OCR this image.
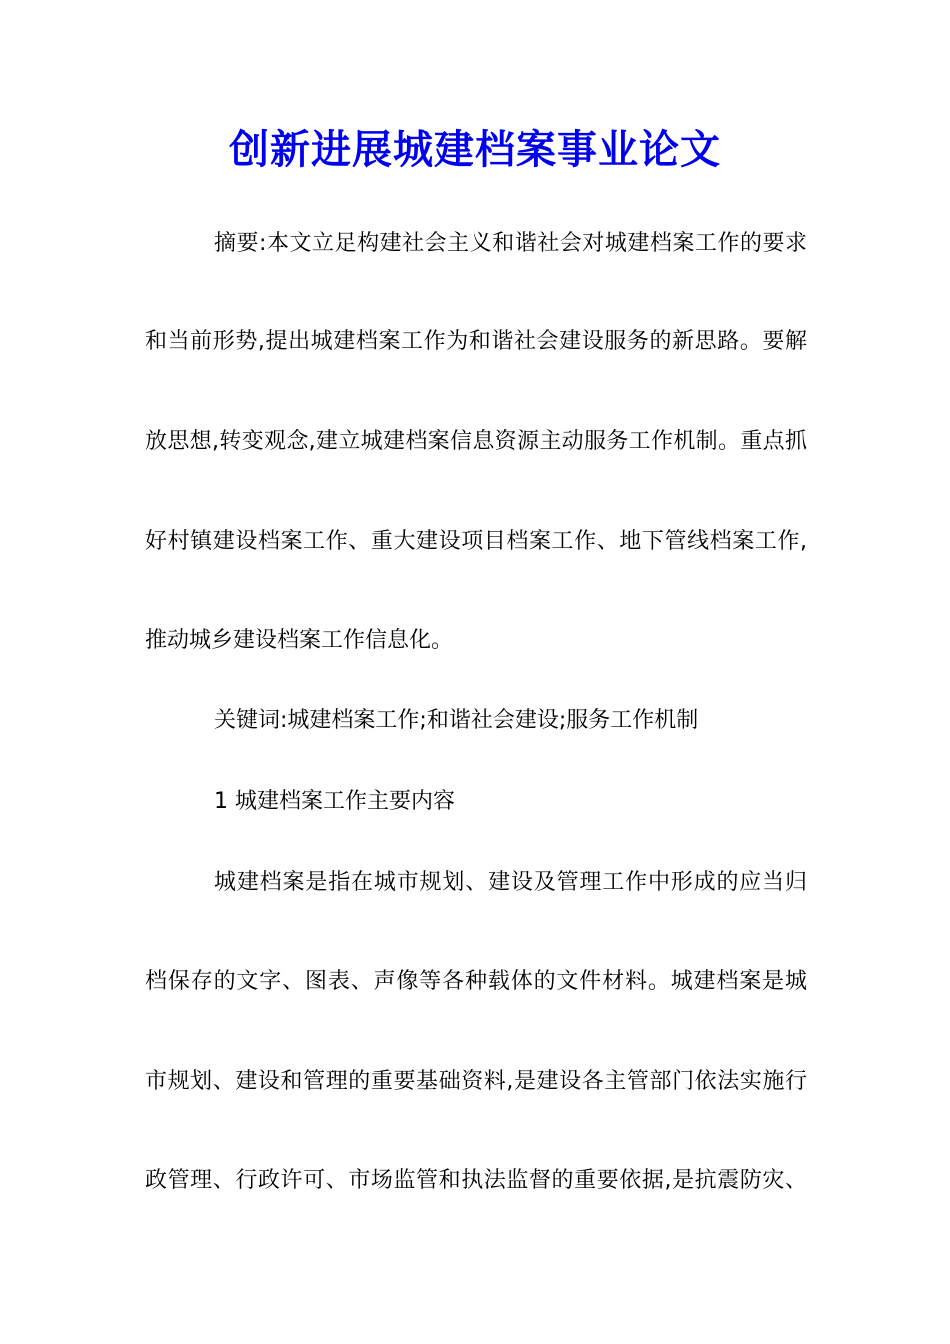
创新进展城建档案事业论文
摘要:本文立足构建社会主义和谐社会对城建档案工作的要求
和当前形势,提出城建档案工作为和谐社会建设服务的新思路。要解
放思想,转变观念,建立城建档案信息资源主动服务工作机制。重点抓
好村镇建设档案工作、重大建设项目档案工作、地下管线档案工作,
推动城乡建设档案工作信息化。
关键词:城建档案工作;和谐社会建设;服务工作机制
1 城建档案工作主要内容
城建档案是指在城市规划、建设及管理工作中形成的应当归
档保存的文字、图表、声像等各种载体的文件材料。城建档案是城
市规划、建设和管理的重要基础资料,是建设各主管部门依法实施行
政管理、行政许可、市场监管和执法监督的重要依据,是抗震防灾、
